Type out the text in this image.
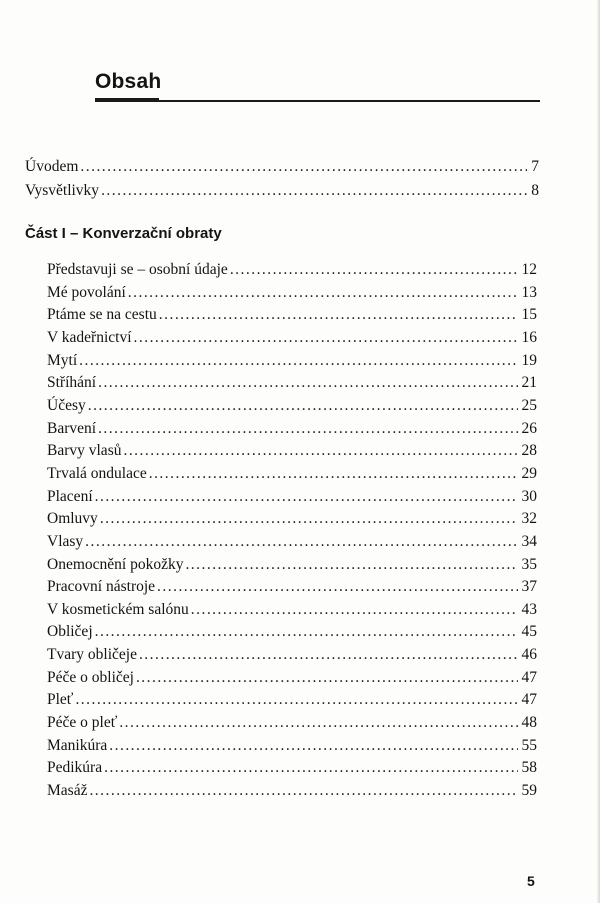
Obsah
Úvodem . . .	7
Vysvětlivky . . .	8
Část I – Konverzační obraty
Představuji se – osobní údaje . . .	12
Mé povolání . . .	13
Ptáme se na cestu . . .	15
V kadeřnictví . . .	16
Mytí . . .	19
Stříhání . . .	21
Účesy . . .	25
Barvení . . .	26
Barvy vlasů . . .	28
Trvalá ondulace . . .	29
Placení . . .	30
Omluvy . . .	32
Vlasy . . .	34
Onemocnění pokožky . . .	35
Pracovní nástroje . . .	37
V kosmetickém salónu . . .	43
Obličej . . .	45
Tvary obličeje . . .	46
Péče o obličej . . .	47
Pleť . . .	47
Péče o pleť . . .	48
Manikúra . . .	55
Pedikúra . . .	58
Masáž . . .	59
5
